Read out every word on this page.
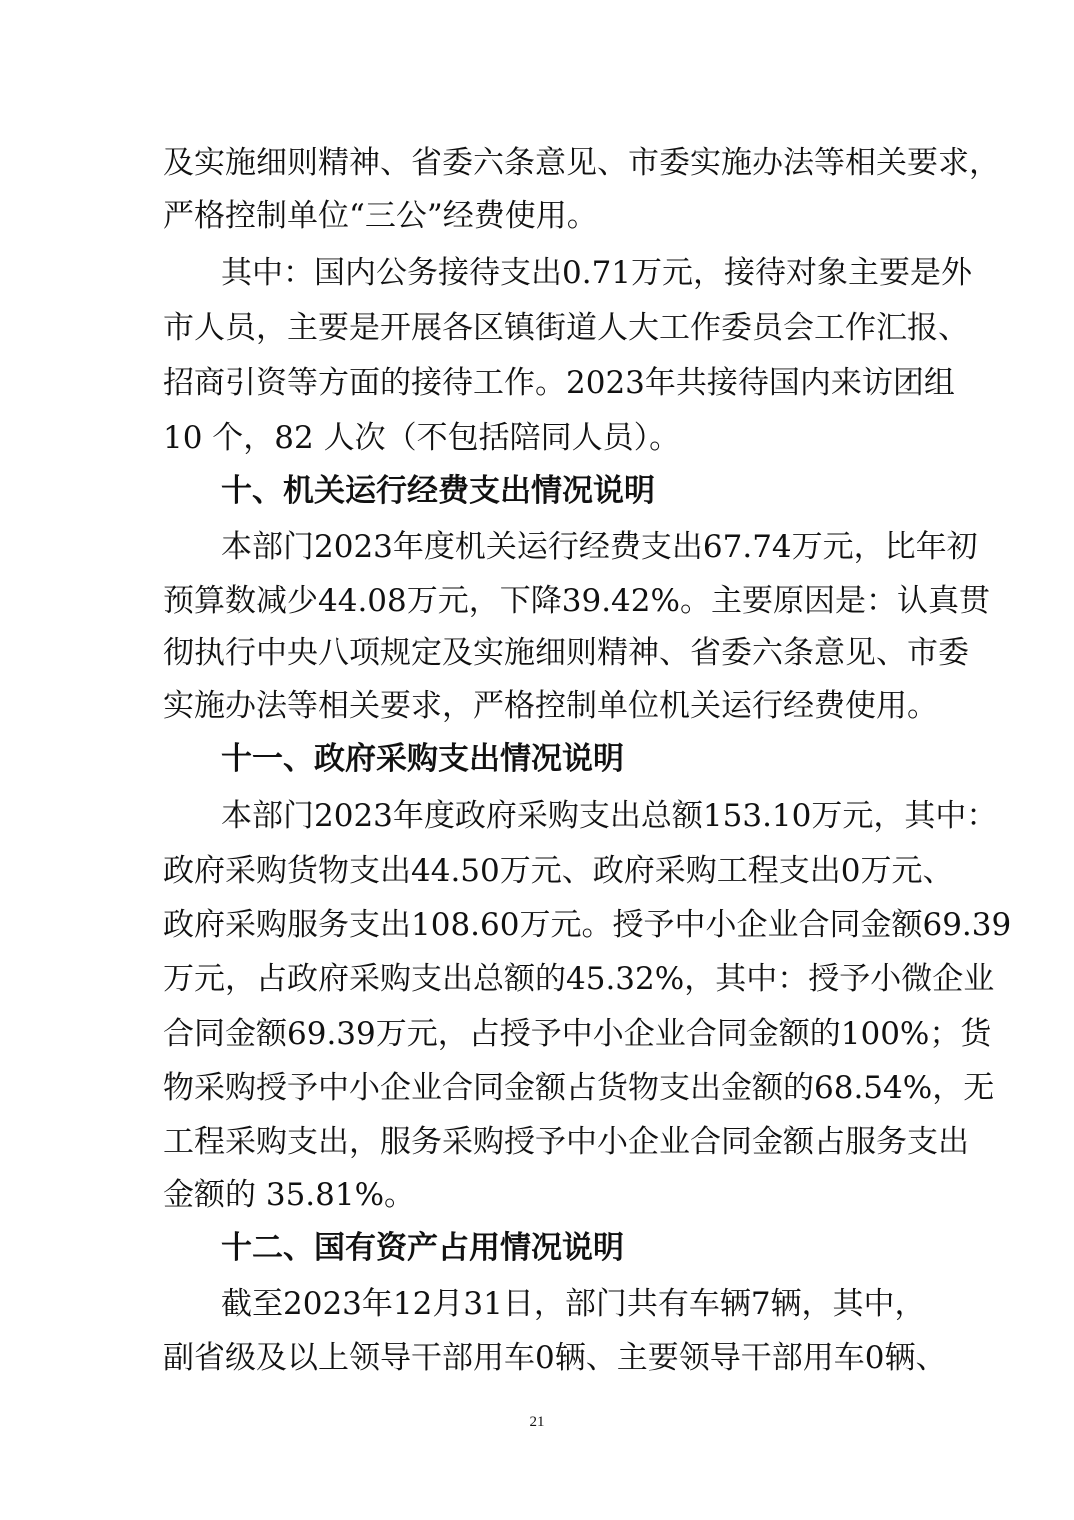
及 实 施 细 则 精 神 、 省 委 六 条 意 见 、 市 委 实 施 办 法 等 相 关 要 求 ，
严格控制单位“三公”经费使用。
其 中 ： 国 内 公 务 接 待 支 出 0.71 万 元 ， 接 待 对 象 主 要 是 外
市 人 员 ， 主 要 是 开 展 各 区 镇 街 道 人 大 工 作 委 员 会 工 作 汇 报 、
招 商 引 资 等 方 面 的 接 待 工 作 。 2023 年 共 接 待 国 内 来 访 团 组
10 个，82 人次（不包括陪同人员）。
十、机关运行经费支出情况说明
本 部 门 2023 年 度 机 关 运 行 经 费 支 出 67.74 万 元 ， 比 年 初
预 算 数 减 少 44.08 万 元 ， 下 降 39.42% 。 主 要 原 因 是 ： 认 真 贯
彻 执 行 中 央 八 项 规 定 及 实 施 细 则 精 神 、 省 委 六 条 意 见 、 市 委
实 施 办 法 等 相 关 要 求 ， 严 格 控 制 单 位 机 关 运 行 经 费 使 用 。
十一、政府采购支出情况说明
本 部 门 2023 年 度 政 府 采 购 支 出 总 额 153.10 万 元 ， 其 中 ：
政 府 采 购 货 物 支 出 44.50 万 元 、 政 府 采 购 工 程 支 出 0 万 元 、
政 府 采 购 服 务 支 出 108.60 万 元 。 授 予 中 小 企 业 合 同 金 额 69.39
万 元 ， 占 政 府 采 购 支 出 总 额 的 45.32% ， 其 中 ： 授 予 小 微 企 业
合 同 金 额 69.39 万 元 ， 占 授 予 中 小 企 业 合 同 金 额 的 100% ； 货
物 采 购 授 予 中 小 企 业 合 同 金 额 占 货 物 支 出 金 额 的 68.54% ， 无
工 程 采 购 支 出 ， 服 务 采 购 授 予 中 小 企 业 合 同 金 额 占 服 务 支 出
金额的 35.81%。
十二、国有资产占用情况说明
截 至 2023 年 12 月 31 日 ， 部 门 共 有 车 辆 7 辆 ， 其 中 ，
副 省 级 及 以 上 领 导 干 部 用 车 0 辆 、 主 要 领 导 干 部 用 车 0 辆 、
21
